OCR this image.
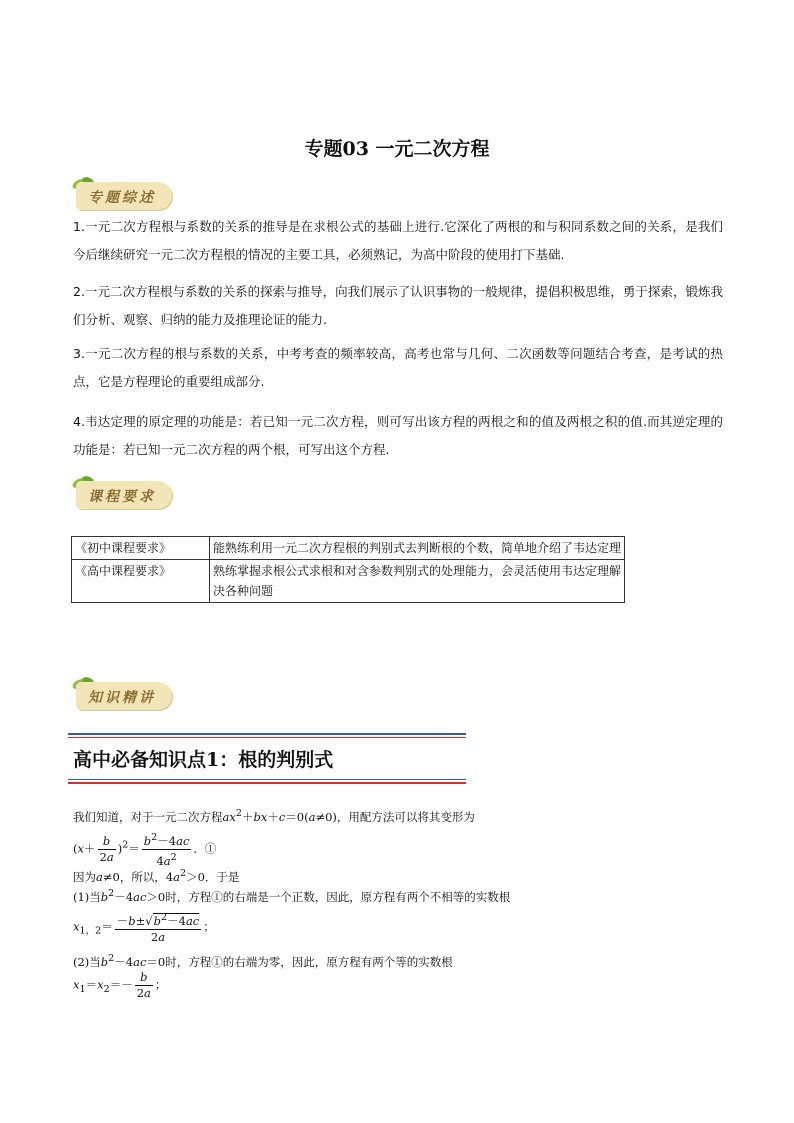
专题03 一元二次方程
专题综述
1.一元二次方程根与系数的关系的推导是在求根公式的基础上进行.它深化了两根的和与积同系数之间的关系，是我们今后继续研究一元二次方程根的情况的主要工具，必须熟记，为高中阶段的使用打下基础.
2.一元二次方程根与系数的关系的探索与推导，向我们展示了认识事物的一般规律，提倡积极思维，勇于探索，锻炼我们分析、观察、归纳的能力及推理论证的能力.
3.一元二次方程的根与系数的关系，中考考查的频率较高，高考也常与几何、二次函数等问题结合考查，是考试的热点，它是方程理论的重要组成部分.
4.韦达定理的原定理的功能是：若已知一元二次方程，则可写出该方程的两根之和的值及两根之积的值.而其逆定理的功能是：若已知一元二次方程的两个根，可写出这个方程.
课程要求
《初中课程要求》	能熟练利用一元二次方程根的判别式去判断根的个数，简单地介绍了韦达定理
《高中课程要求》	熟练掌握求根公式求根和对含参数判别式的处理能力，会灵活使用韦达定理解决各种问题
知识精讲
高中必备知识点1：根的判别式
我们知道，对于一元二次方程$ax^2+bx+c=0(a\ne 0)$，用配方法可以将其变形为
$(x+ \frac{b}{2a} )^2= \frac{b^2-4ac}{4a^2}$ ．①
因为a≠0，所以，$4a^2>0$．于是
(1)当$b^2-4ac>0$时，方程①的右端是一个正数，因此，原方程有两个不相等的实数根
$x_{1,2}= \frac{-b\pm√b^2-4ac}{2a}$ ；
(2)当$b^2-4ac=0$时，方程①的右端为零，因此，原方程有两个等的实数根
$x_1=x_2=- \frac{b}{2a}$ ；
